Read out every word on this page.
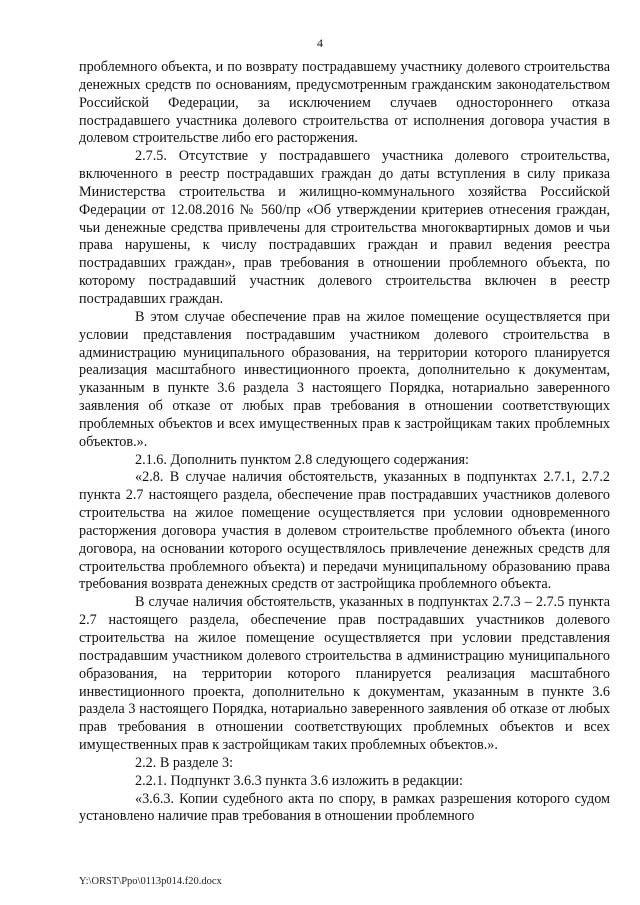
4

проблемного объекта, и по возврату пострадавшему участнику долевого строительства денежных средств по основаниям, предусмотренным гражданским законодательством Российской Федерации, за исключением случаев одностороннего отказа пострадавшего участника долевого строительства от исполнения договора участия в долевом строительстве либо его расторжения.

2.7.5. Отсутствие у пострадавшего участника долевого строительства, включенного в реестр пострадавших граждан до даты вступления в силу приказа Министерства строительства и жилищно-коммунального хозяйства Российской Федерации от 12.08.2016 № 560/пр «Об утверждении критериев отнесения граждан, чьи денежные средства привлечены для строительства многоквартирных домов и чьи права нарушены, к числу пострадавших граждан и правил ведения реестра пострадавших граждан», прав требования в отношении проблемного объекта, по которому пострадавший участник долевого строительства включен в реестр пострадавших граждан.

В этом случае обеспечение прав на жилое помещение осуществляется при условии представления пострадавшим участником долевого строительства в администрацию муниципального образования, на территории которого планируется реализация масштабного инвестиционного проекта, дополнительно к документам, указанным в пункте 3.6 раздела 3 настоящего Порядка, нотариально заверенного заявления об отказе от любых прав требования в отношении соответствующих проблемных объектов и всех имущественных прав к застройщикам таких проблемных объектов.».

2.1.6. Дополнить пунктом 2.8 следующего содержания:

«2.8. В случае наличия обстоятельств, указанных в подпунктах 2.7.1, 2.7.2 пункта 2.7 настоящего раздела, обеспечение прав пострадавших участников долевого строительства на жилое помещение осуществляется при условии одновременного расторжения договора участия в долевом строительстве проблемного объекта (иного договора, на основании которого осуществлялось привлечение денежных средств для строительства проблемного объекта) и передачи муниципальному образованию права требования возврата денежных средств от застройщика проблемного объекта.

В случае наличия обстоятельств, указанных в подпунктах 2.7.3 – 2.7.5 пункта 2.7 настоящего раздела, обеспечение прав пострадавших участников долевого строительства на жилое помещение осуществляется при условии представления пострадавшим участником долевого строительства в администрацию муниципального образования, на территории которого планируется реализация масштабного инвестиционного проекта, дополнительно к документам, указанным в пункте 3.6 раздела 3 настоящего Порядка, нотариально заверенного заявления об отказе от любых прав требования в отношении соответствующих проблемных объектов и всех имущественных прав к застройщикам таких проблемных объектов.».

2.2. В разделе 3:

2.2.1. Подпункт 3.6.3 пункта 3.6 изложить в редакции:

«3.6.3. Копии судебного акта по спору, в рамках разрешения которого судом установлено наличие прав требования в отношении проблемного

Y:\ORST\Ppo\0113p014.f20.docx
